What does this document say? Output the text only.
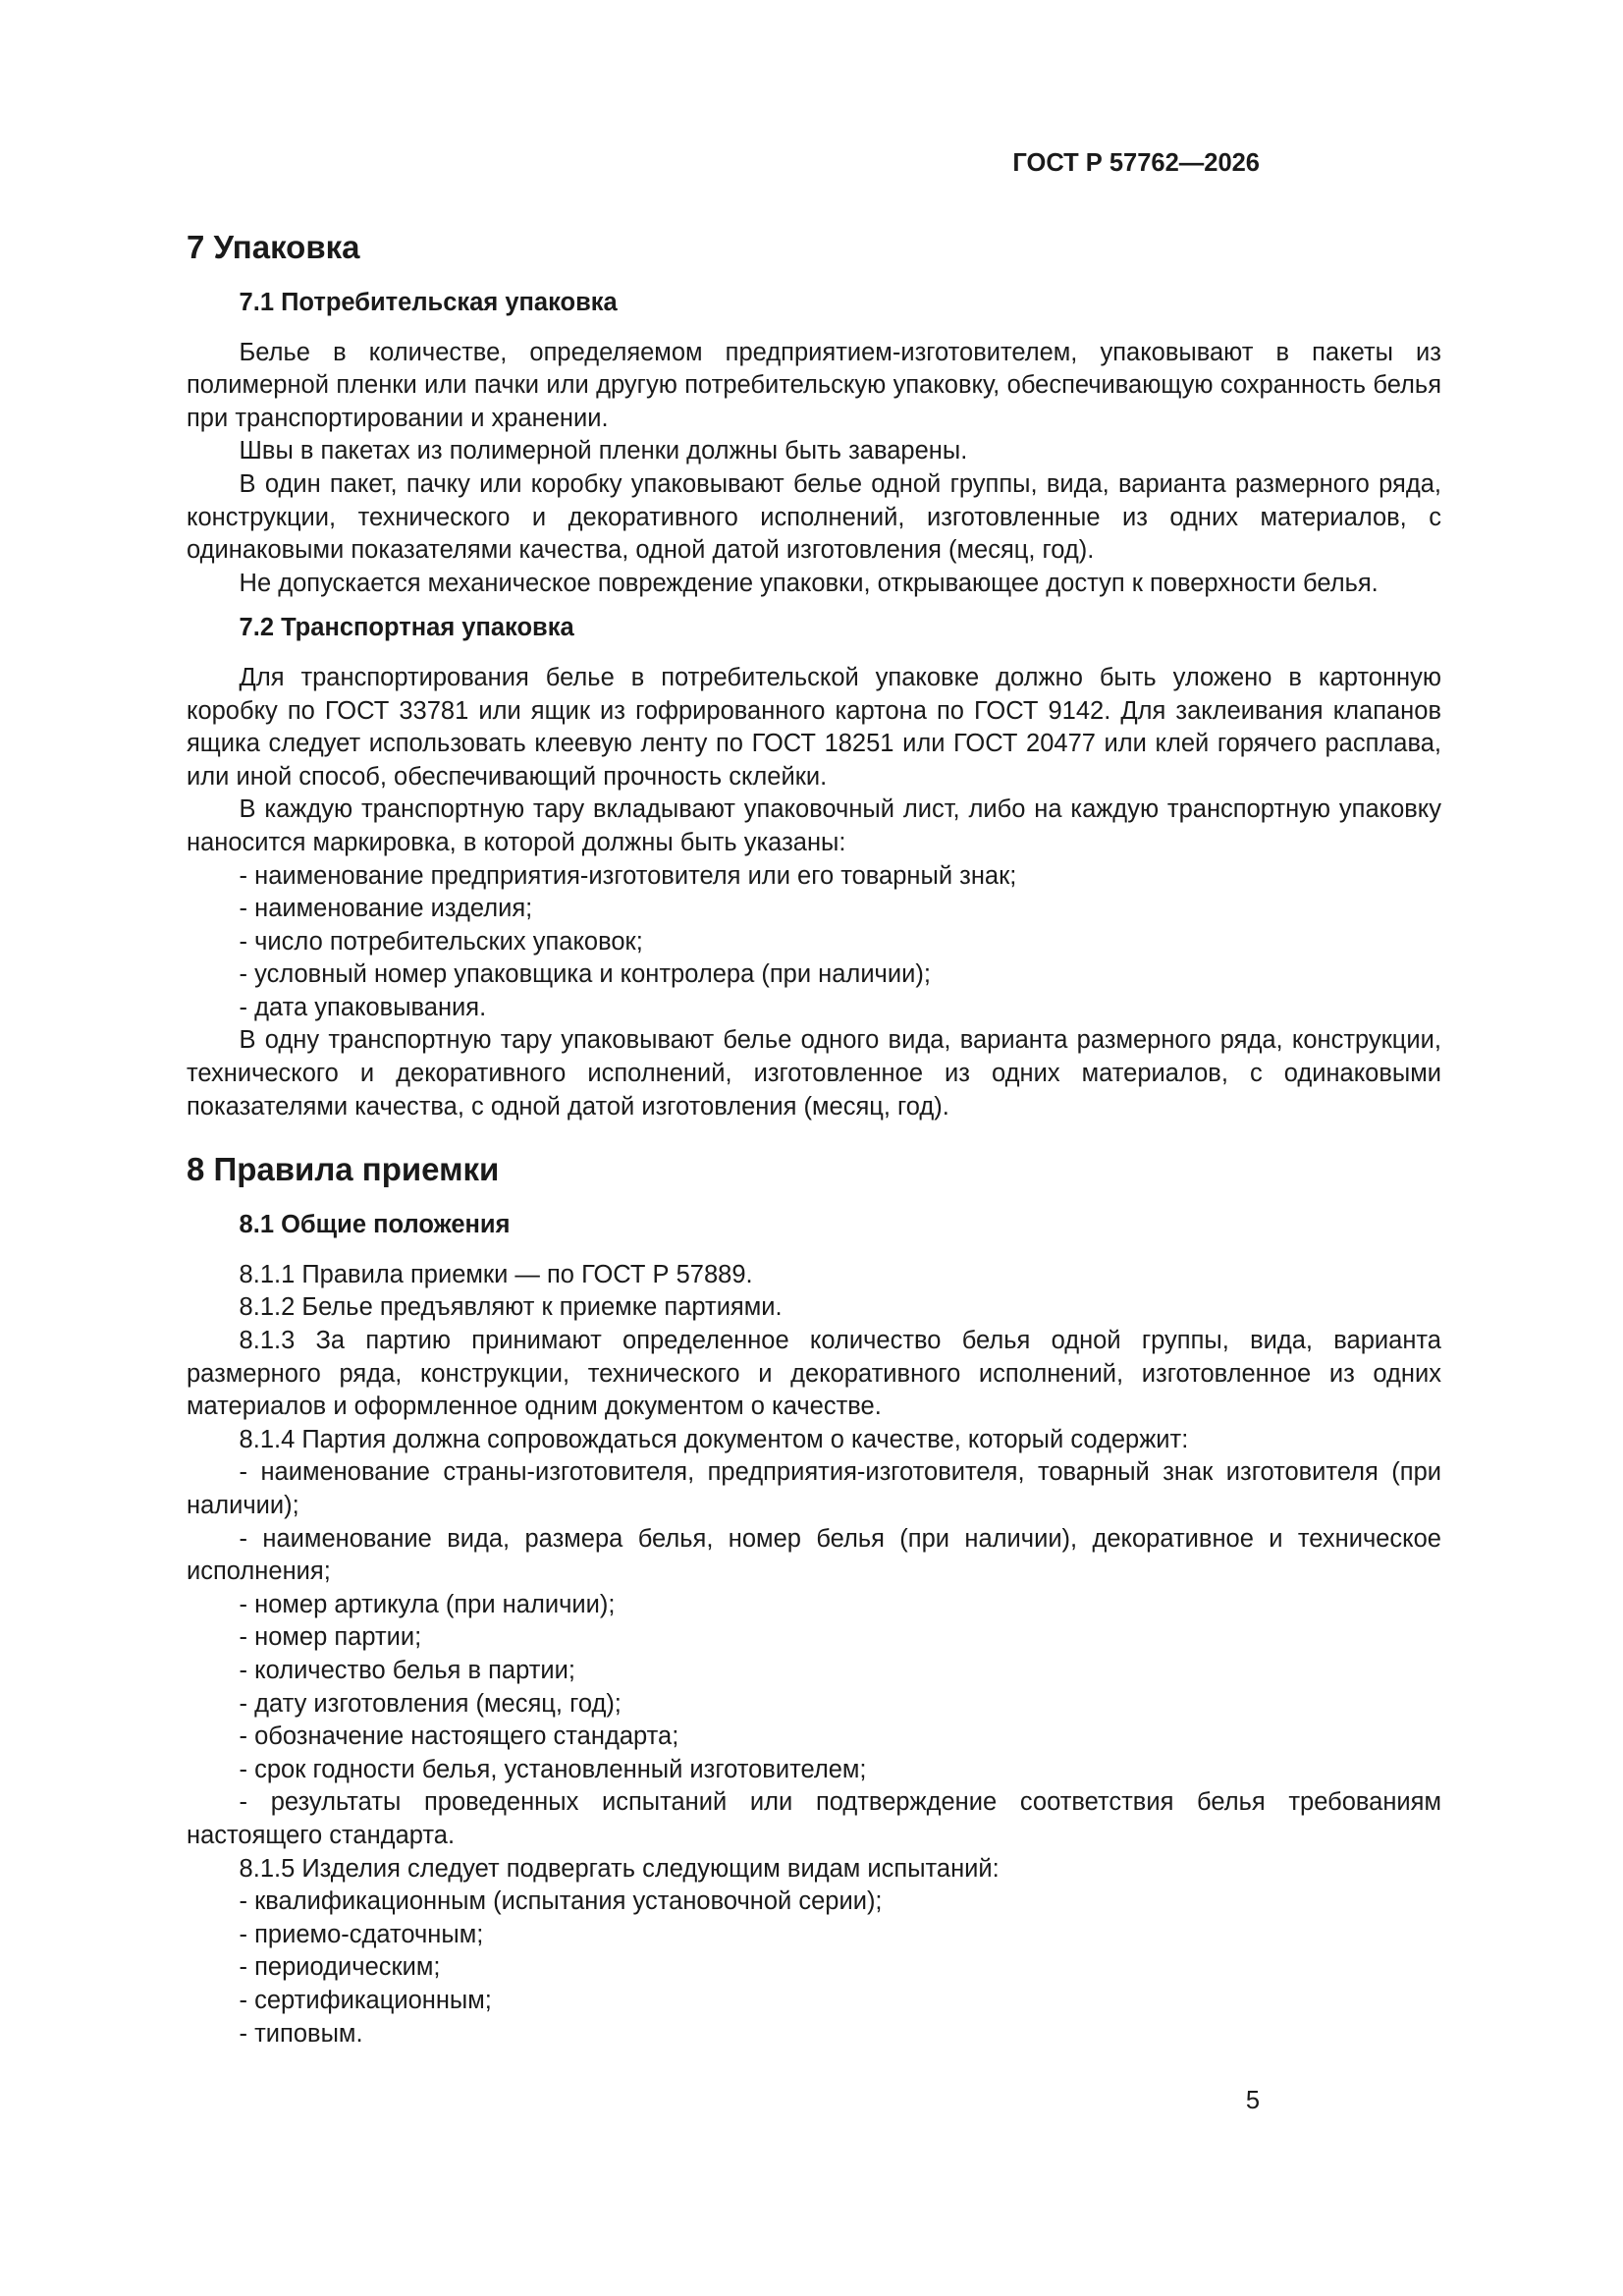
ГОСТ Р 57762—2026
7 Упаковка
7.1 Потребительская упаковка

Белье в количестве, определяемом предприятием-изготовителем, упаковывают в пакеты из полимерной пленки или пачки или другую потребительскую упаковку, обеспечивающую сохранность белья при транспортировании и хранении.

Швы в пакетах из полимерной пленки должны быть заварены.

В один пакет, пачку или коробку упаковывают белье одной группы, вида, варианта размерного ряда, конструкции, технического и декоративного исполнений, изготовленные из одних материалов, с одинаковыми показателями качества, одной датой изготовления (месяц, год).

Не допускается механическое повреждение упаковки, открывающее доступ к поверхности белья.

7.2 Транспортная упаковка

Для транспортирования белье в потребительской упаковке должно быть уложено в картонную коробку по ГОСТ 33781 или ящик из гофрированного картона по ГОСТ 9142. Для заклеивания клапанов ящика следует использовать клеевую ленту по ГОСТ 18251 или ГОСТ 20477 или клей горячего расплава, или иной способ, обеспечивающий прочность склейки.

В каждую транспортную тару вкладывают упаковочный лист, либо на каждую транспортную упаковку наносится маркировка, в которой должны быть указаны:

- наименование предприятия-изготовителя или его товарный знак;

- наименование изделия;

- число потребительских упаковок;

- условный номер упаковщика и контролера (при наличии);

- дата упаковывания.

В одну транспортную тару упаковывают белье одного вида, варианта размерного ряда, конструкции, технического и декоративного исполнений, изготовленное из одних материалов, с одинаковыми показателями качества, с одной датой изготовления (месяц, год).

8 Правила приемки
8.1 Общие положения

8.1.1 Правила приемки — по ГОСТ Р 57889.

8.1.2 Белье предъявляют к приемке партиями.

8.1.3 За партию принимают определенное количество белья одной группы, вида, варианта размерного ряда, конструкции, технического и декоративного исполнений, изготовленное из одних материалов и оформленное одним документом о качестве.

8.1.4 Партия должна сопровождаться документом о качестве, который содержит:

- наименование страны-изготовителя, предприятия-изготовителя, товарный знак изготовителя (при наличии);

- наименование вида, размера белья, номер белья (при наличии), декоративное и техническое исполнения;

- номер артикула (при наличии);

- номер партии;

- количество белья в партии;

- дату изготовления (месяц, год);

- обозначение настоящего стандарта;

- срок годности белья, установленный изготовителем;

- результаты проведенных испытаний или подтверждение соответствия белья требованиям настоящего стандарта.

8.1.5 Изделия следует подвергать следующим видам испытаний:

- квалификационным (испытания установочной серии);

- приемо-сдаточным;

- периодическим;

- сертификационным;

- типовым.

5
